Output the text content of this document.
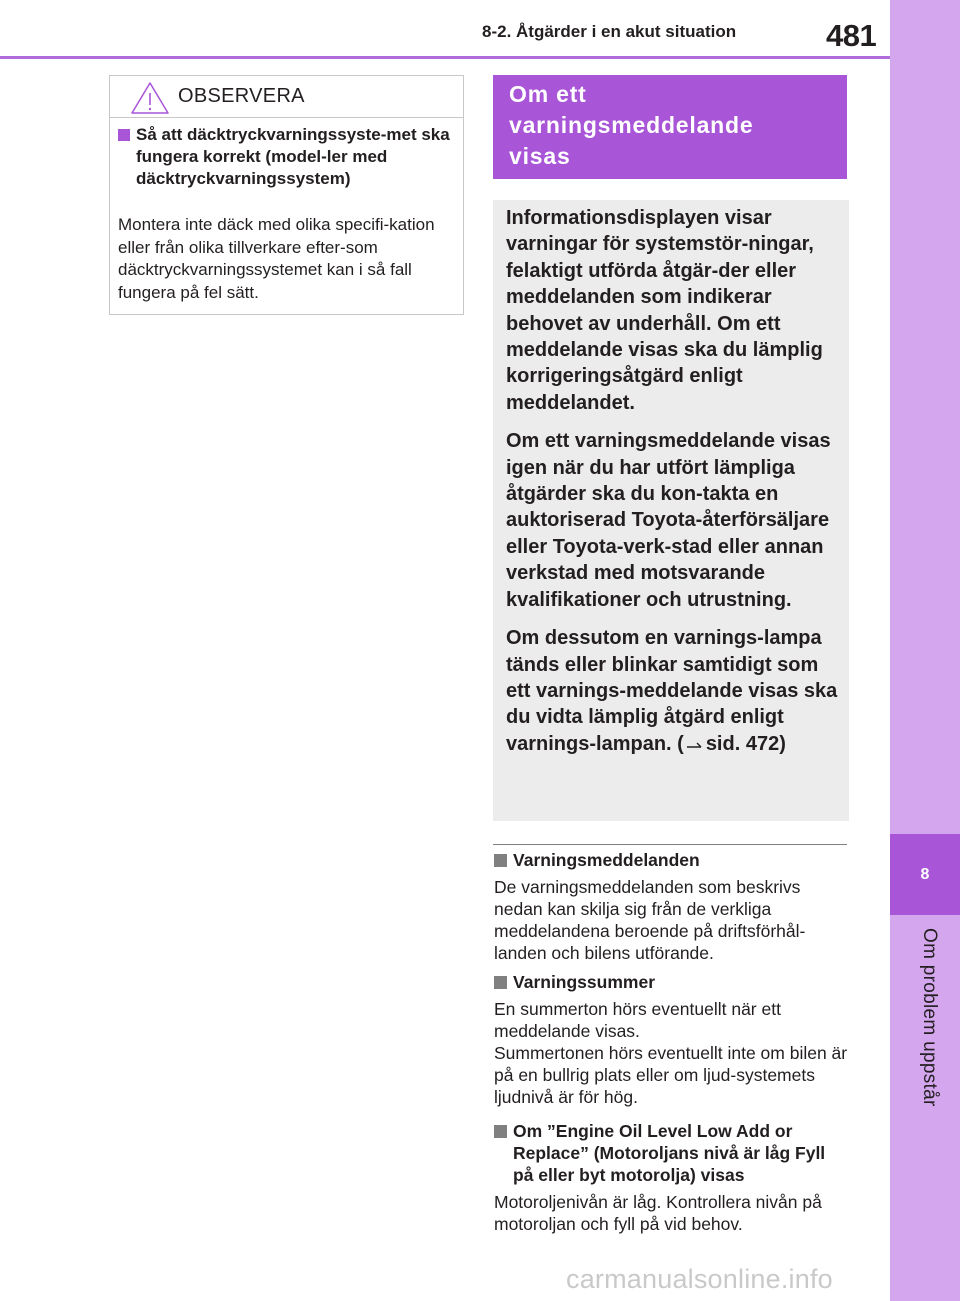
8-2. Åtgärder i en akut situation	481
8
Om problem uppstår
OBSERVERA
Så att däcktryckvarningssyste-met ska fungera korrekt (model-ler med däcktryckvarningssystem)
Montera inte däck med olika specifi-kation eller från olika tillverkare efter-som däcktryckvarningssystemet kan i så fall fungera på fel sätt.
Om ett
varningsmeddelande
visas

Informationsdisplayen visar varningar för systemstör-ningar, felaktigt utförda åtgär-der eller meddelanden som indikerar behovet av underhåll. Om ett meddelande visas ska du lämplig korrigeringsåtgärd enligt meddelandet.

Om ett varningsmeddelande visas igen när du har utfört lämpliga åtgärder ska du kon-takta en auktoriserad Toyota-återförsäljare eller Toyota-verk-stad eller annan verkstad med motsvarande kvalifikationer och utrustning.

Om dessutom en varnings-lampa tänds eller blinkar samtidigt som ett varnings-meddelande visas ska du vidta lämplig åtgärd enligt varnings-lampan. ( sid. 472)

Varningsmeddelanden
De varningsmeddelanden som beskrivs nedan kan skilja sig från de verkliga meddelandena beroende på driftsförhål-landen och bilens utförande.
Varningssummer
En summerton hörs eventuellt när ett meddelande visas.
Summertonen hörs eventuellt inte om bilen är på en bullrig plats eller om ljud-systemets ljudnivå är för hög.
Om ”Engine Oil Level Low Add or Replace” (Motoroljans nivå är låg Fyll på eller byt motorolja) visas
Motoroljenivån är låg. Kontrollera nivån på motoroljan och fyll på vid behov.
carmanualsonline.info
